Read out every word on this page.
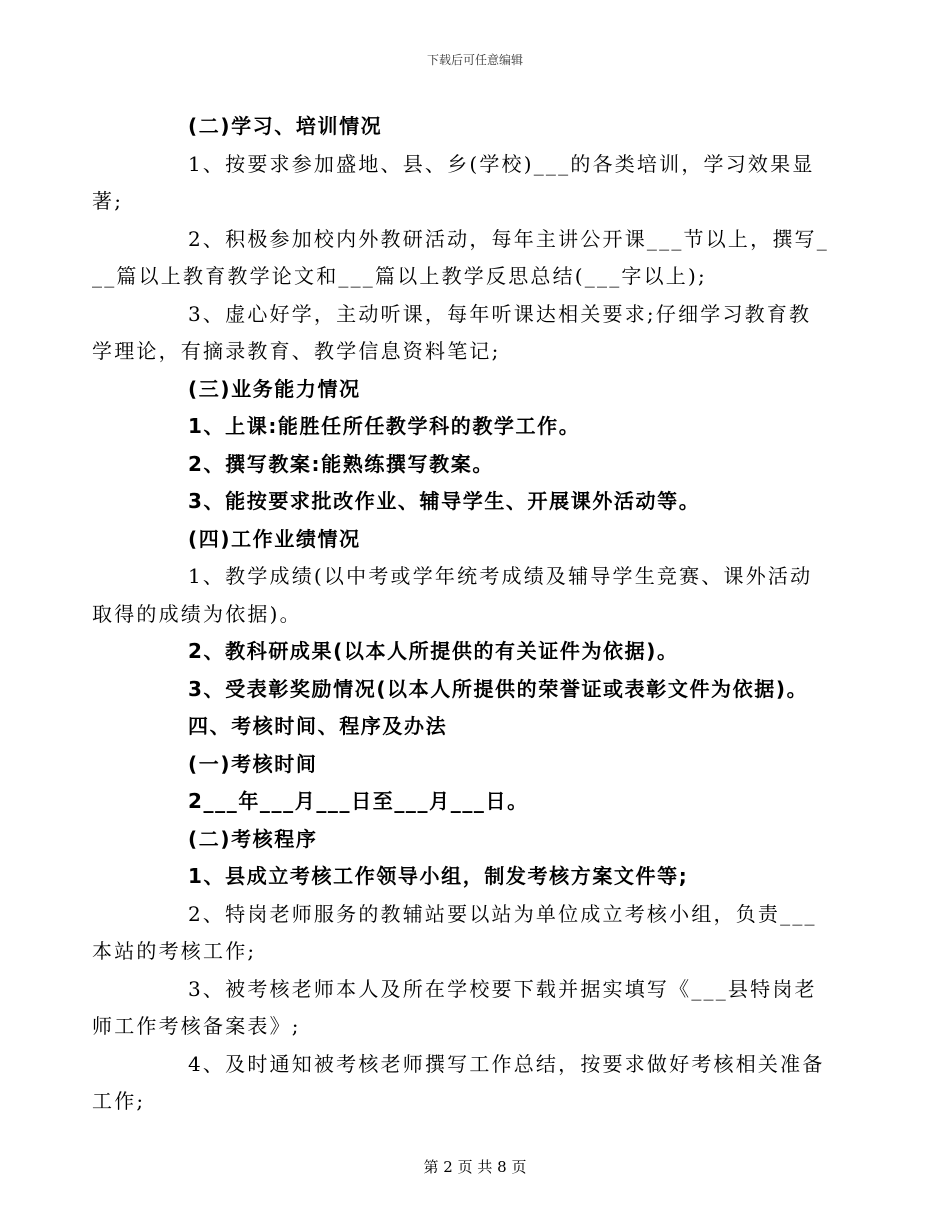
下载后可任意编辑

(二)学习、培训情况

1、按要求参加盛地、县、乡(学校)___的各类培训，学习效果显
著;

2、积极参加校内外教研活动，每年主讲公开课___节以上，撰写_
__篇以上教育教学论文和___篇以上教学反思总结(___字以上);

3、虚心好学，主动听课，每年听课达相关要求;仔细学习教育教
学理论，有摘录教育、教学信息资料笔记;

(三)业务能力情况

1、上课:能胜任所任教学科的教学工作。

2、撰写教案:能熟练撰写教案。

3、能按要求批改作业、辅导学生、开展课外活动等。

(四)工作业绩情况

1、教学成绩(以中考或学年统考成绩及辅导学生竞赛、课外活动
取得的成绩为依据)。

2、教科研成果(以本人所提供的有关证件为依据)。

3、受表彰奖励情况(以本人所提供的荣誉证或表彰文件为依据)。

四、考核时间、程序及办法

(一)考核时间

2___年___月___日至___月___日。

(二)考核程序

1、县成立考核工作领导小组，制发考核方案文件等;

2、特岗老师服务的教辅站要以站为单位成立考核小组，负责___
本站的考核工作;

3、被考核老师本人及所在学校要下载并据实填写《___县特岗老
师工作考核备案表》;

4、及时通知被考核老师撰写工作总结，按要求做好考核相关准备
工作;

第 2 页 共 8 页
